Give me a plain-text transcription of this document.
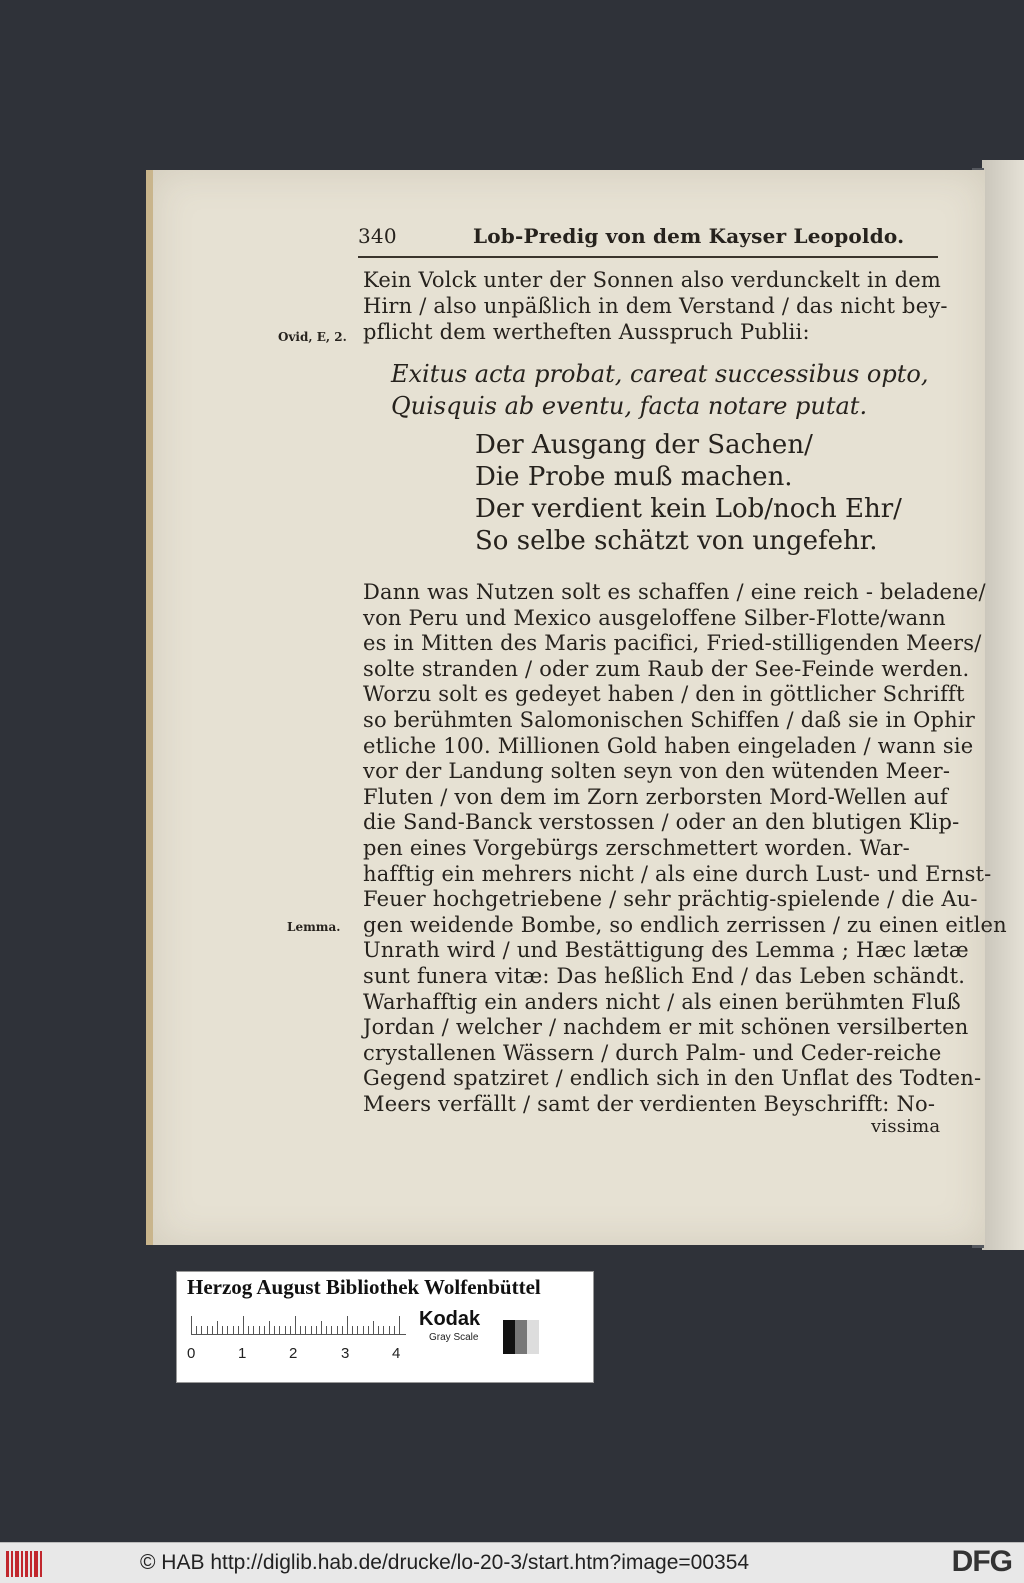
340	Lob-Predig von dem Kayser Leopoldo.
Ovid, E, 2.
Lemma.
Kein Volck unter der Sonnen also verdunckelt in dem
Hirn / also unpäßlich in dem Verstand / das nicht bey-
pflicht dem wertheften Ausspruch Publii:
Exitus acta probat, careat successibus opto,
Quisquis ab eventu, facta notare putat.
Der Ausgang der Sachen/
Die Probe muß machen.
Der verdient kein Lob/noch Ehr/
So selbe schätzt von ungefehr.
Dann was Nutzen solt es schaffen / eine reich - beladene/
von Peru und Mexico ausgeloffene Silber-Flotte/wann
es in Mitten des Maris pacifici, Fried-stilligenden Meers/
solte stranden / oder zum Raub der See-Feinde werden.
Worzu solt es gedeyet haben / den in göttlicher Schrifft
so berühmten Salomonischen Schiffen / daß sie in Ophir
etliche 100. Millionen Gold haben eingeladen / wann sie
vor der Landung solten seyn von den wütenden Meer-
Fluten / von dem im Zorn zerborsten Mord-Wellen auf
die Sand-Banck verstossen / oder an den blutigen Klip-
pen eines Vorgebürgs zerschmettert worden. War-
hafftig ein mehrers nicht / als eine durch Lust- und Ernst-
Feuer hochgetriebene / sehr prächtig-spielende / die Au-
gen weidende Bombe, so endlich zerrissen / zu einen eitlen
Unrath wird / und Bestättigung des Lemma ; Hæc lætæ
sunt funera vitæ: Das heßlich End / das Leben schändt.
Warhafftig ein anders nicht / als einen berühmten Fluß
Jordan / welcher / nachdem er mit schönen versilberten
crystallenen Wässern / durch Palm- und Ceder-reiche
Gegend spatziret / endlich sich in den Unflat des Todten-
Meers verfällt / samt der verdienten Beyschrifft: No-
vissima
Herzog August Bibliothek Wolfenbüttel
0	1	2	3	4
Kodak
Gray Scale
© HAB http://diglib.hab.de/drucke/lo-20-3/start.htm?image=00354	DFG
